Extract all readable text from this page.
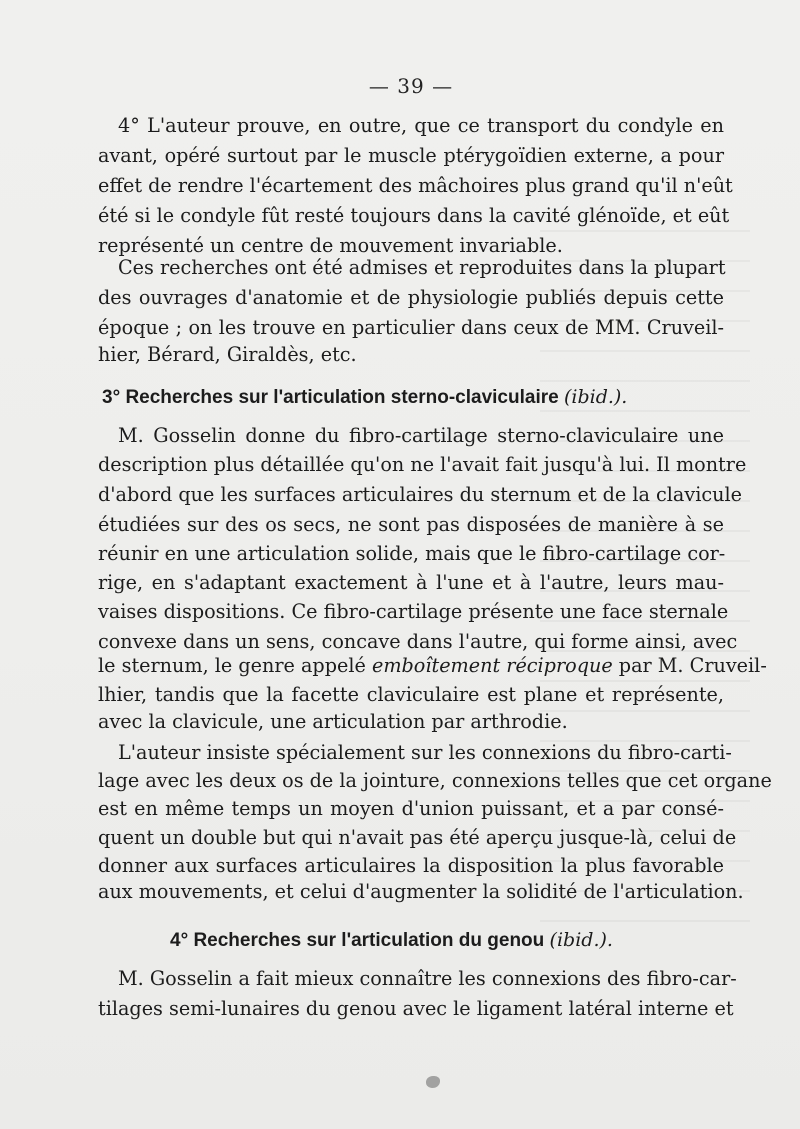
— 39 —
4° L'auteur prouve, en outre, que ce transport du condyle en
avant, opéré surtout par le muscle ptérygoïdien externe, a pour
effet de rendre l'écartement des mâchoires plus grand qu'il n'eût
été si le condyle fût resté toujours dans la cavité glénoïde, et eût
représenté un centre de mouvement invariable.
Ces recherches ont été admises et reproduites dans la plupart
des ouvrages d'anatomie et de physiologie publiés depuis cette
époque ; on les trouve en particulier dans ceux de MM. Cruveil-
hier, Bérard, Giraldès, etc.
3° Recherches sur l'articulation sterno-claviculaire (ibid.).
M. Gosselin donne du fibro-cartilage sterno-claviculaire une
description plus détaillée qu'on ne l'avait fait jusqu'à lui. Il montre
d'abord que les surfaces articulaires du sternum et de la clavicule
étudiées sur des os secs, ne sont pas disposées de manière à se
réunir en une articulation solide, mais que le fibro-cartilage cor-
rige, en s'adaptant exactement à l'une et à l'autre, leurs mau-
vaises dispositions. Ce fibro-cartilage présente une face sternale
convexe dans un sens, concave dans l'autre, qui forme ainsi, avec
le sternum, le genre appelé emboîtement réciproque par M. Cruveil-
lhier, tandis que la facette claviculaire est plane et représente,
avec la clavicule, une articulation par arthrodie.
L'auteur insiste spécialement sur les connexions du fibro-carti-
lage avec les deux os de la jointure, connexions telles que cet organe
est en même temps un moyen d'union puissant, et a par consé-
quent un double but qui n'avait pas été aperçu jusque-là, celui de
donner aux surfaces articulaires la disposition la plus favorable
aux mouvements, et celui d'augmenter la solidité de l'articulation.
4° Recherches sur l'articulation du genou (ibid.).
M. Gosselin a fait mieux connaître les connexions des fibro-car-
tilages semi-lunaires du genou avec le ligament latéral interne et
